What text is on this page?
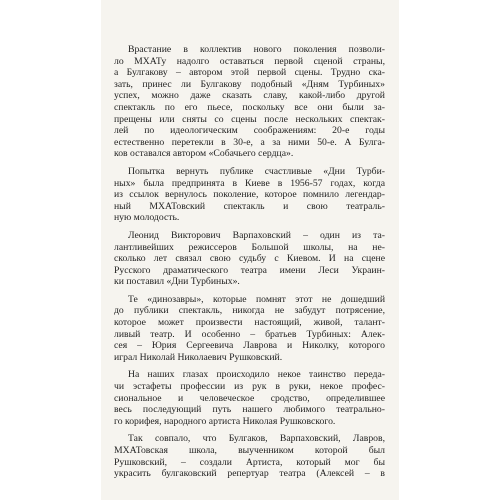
Врастание в коллектив нового поколения позволи-
ло МХАТу надолго оставаться первой сценой страны,
а Булгакову – автором этой первой сцены. Трудно ска-
зать, принес ли Булгакову подобный «Дням Турбиных»
успех, можно даже сказать славу, какой-либо другой
спектакль по его пьесе, поскольку все они были за-
прещены или сняты со сцены после нескольких спектак-
лей по идеологическим соображениям: 20-е годы
естественно перетекли в 30-е, а за ними 50-е. А Булга-
ков оставался автором «Собачьего сердца».
Попытка вернуть публике счастливые «Дни Турби-
ных» была предпринята в Киеве в 1956-57 годах, когда
из ссылок вернулось поколение, которое помнило легендар-
ный МХАТовский спектакль и свою театраль-
ную молодость.
Леонид Викторович Варпаховский – один из та-
лантливейших режиссеров Большой школы, на не-
сколько лет связал свою судьбу с Киевом. И на сцене
Русского драматического театра имени Леси Украин-
ки поставил «Дни Турбиных».
Те «динозавры», которые помнят этот не дошедший
до публики спектакль, никогда не забудут потрясение,
которое может произвести настоящий, живой, талант-
ливый театр. И особенно – братьев Турбиных: Алек-
сея – Юрия Сергеевича Лаврова и Николку, которого
играл Николай Николаевич Рушковский.
На наших глазах происходило некое таинство переда-
чи эстафеты профессии из рук в руки, некое профес-
сиональное и человеческое сродство, определившее
весь последующий путь нашего любимого театрально-
го корифея, народного артиста Николая Рушковского.
Так совпало, что Булгаков, Варпаховский, Лавров,
МХАТовская школа, выученником которой был
Рушковский, – создали Артиста, который мог бы
украсить булгаковский репертуар театра (Алексей – в
